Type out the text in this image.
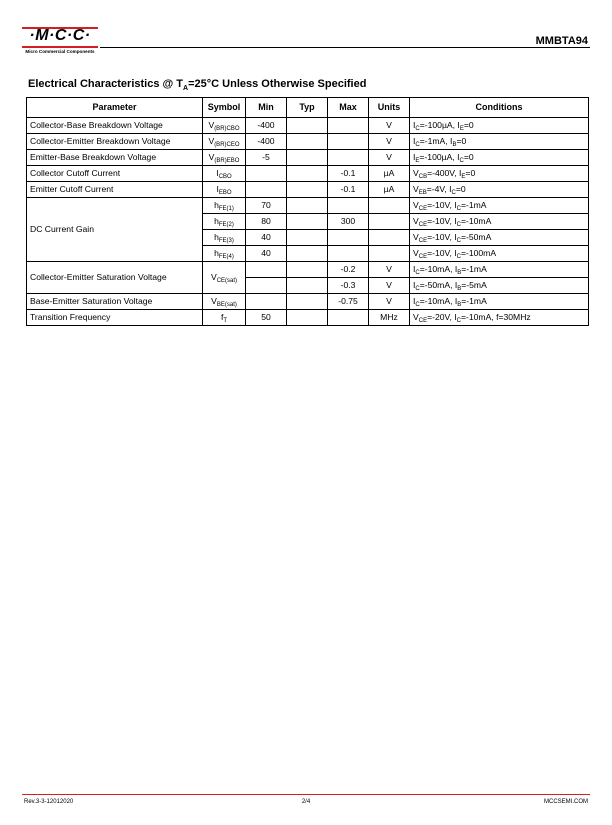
·M·C·C·
Micro Commercial Components
MMBTA94
Electrical Characteristics @ $T_A=25^\circ C$ Unless Otherwise Specified
Parameter	Symbol	Min	Typ	Max	Units	Conditions
Collector-Base Breakdown Voltage	$V_{(BR)CBO}$	-400			V	$I_C=-100\mu A$, $I_E=0$
Collector-Emitter Breakdown Voltage	$V_{(BR)CEO}$	-400			V	$I_C=-1mA$, $I_B=0$
Emitter-Base Breakdown Voltage	$V_{(BR)EBO}$	-5			V	$I_E=-100\mu A$, $I_C=0$
Collector Cutoff Current	$I_{CBO}$			-0.1	µA	$V_{CB}=-400V$, $I_E=0$
Emitter Cutoff Current	$I_{EBO}$			-0.1	µA	$V_{EB}=-4V$, $I_C=0$
DC Current Gain	$h_{FE(1)}$	70				$V_{CE}=-10V$, $I_C=-1mA$
	$h_{FE(2)}$	80		300		$V_{CE}=-10V$, $I_C=-10mA$
	$h_{FE(3)}$	40				$V_{CE}=-10V$, $I_C=-50mA$
	$h_{FE(4)}$	40				$V_{CE}=-10V$, $I_C=-100mA$
Collector-Emitter Saturation Voltage	$V_{CE(sat)}$			-0.2	V	$I_C=-10mA$, $I_B=-1mA$
				-0.3	V	$I_C=-50mA$, $I_B=-5mA$
Base-Emitter Saturation Voltage	$V_{BE(sat)}$			-0.75	V	$I_C=-10mA$, $I_B=-1mA$
Transition Frequency	$f_T$	50			MHz	$V_{CE}=-20V$, $I_C=-10mA$, f=30MHz
Rev.3-3-12012020	2/4	MCCSEMI.COM
